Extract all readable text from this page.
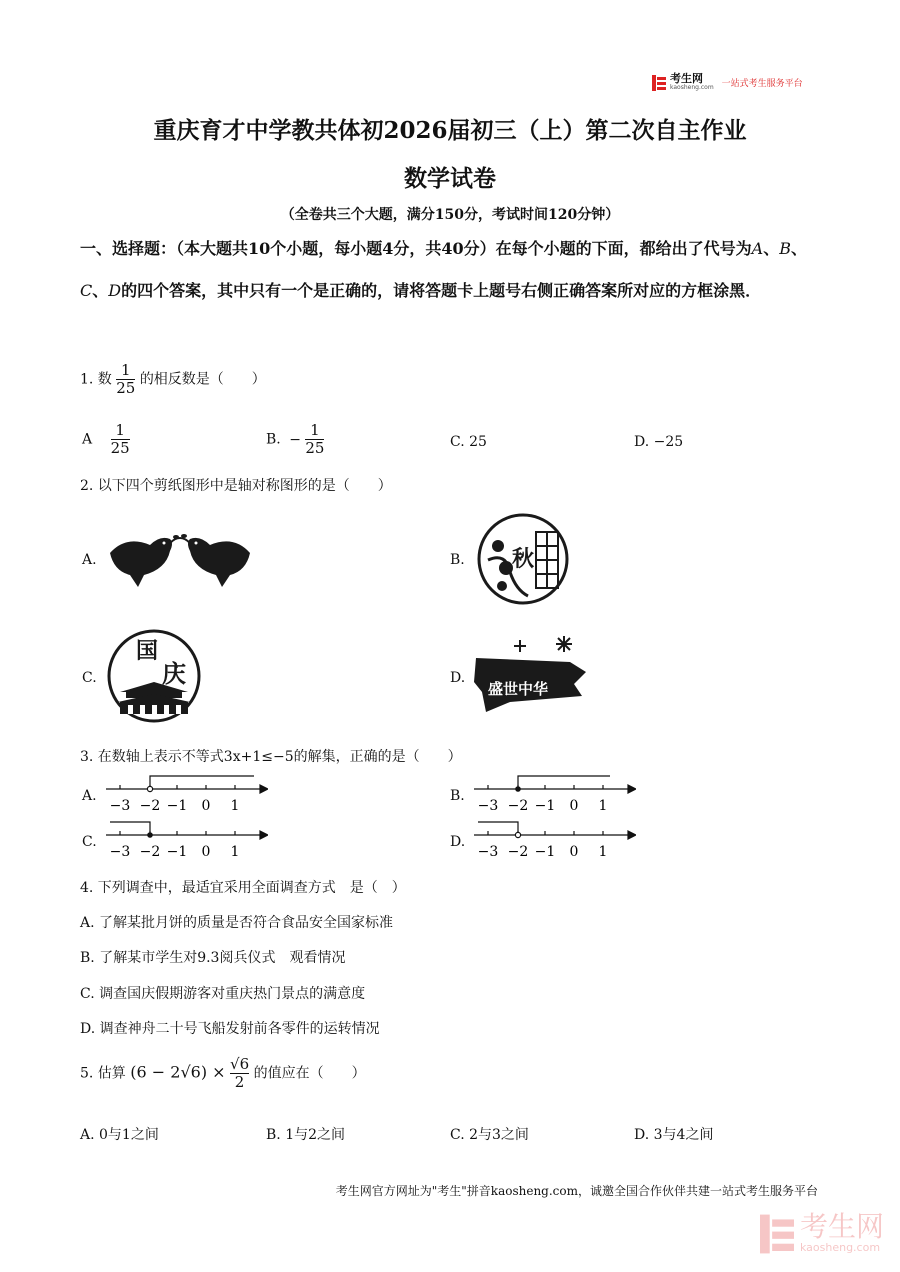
考生网
kaosheng.com 一站式考生服务平台
重庆育才中学教共体初2026届初三（上）第二次自主作业
数学试卷
（全卷共三个大题，满分150分，考试时间120分钟）
一、选择题：（本大题共10个小题，每小题4分，共40分）在每个小题的下面，都给出了代号为A、B、C、D的四个答案，其中只有一个是正确的，请将答题卡上题号右侧正确答案所对应的方框涂黑．
1. 数 $\frac{1}{25}$ 的相反数是（　　）
A $\frac{1}{25}$	B. − $\frac{1}{25}$	C. 25	D. −25
2. 以下四个剪纸图形中是轴对称图形的是（　　）
A.	B. 秋
C.
国
庆	D.
盛世中华
3. 在数轴上表示不等式3x+1≤−5的解集，正确的是（　　）
A.
−3 −2 −1 0 1
B.
−3 −2 −1 0 1
C.
−3 −2 −1 0 1
D.
−3 −2 −1 0 1
4. 下列调查中，最适宜采用全面调查方式　是（　）
A. 了解某批月饼的质量是否符合食品安全国家标准
B. 了解某市学生对9.3阅兵仪式　观看情况
C. 调查国庆假期游客对重庆热门景点的满意度
D. 调查神舟二十号飞船发射前各零件的运转情况
5. 估算 $(6 - 2√6) \times \frac{√6}{2}$ 的值应在（　　）
A. 0与1之间	B. 1与2之间	C. 2与3之间	D. 3与4之间
考生网官方网址为"考生"拼音kaosheng.com，诚邀全国合作伙伴共建一站式考生服务平台
考生网
kaosheng.com
